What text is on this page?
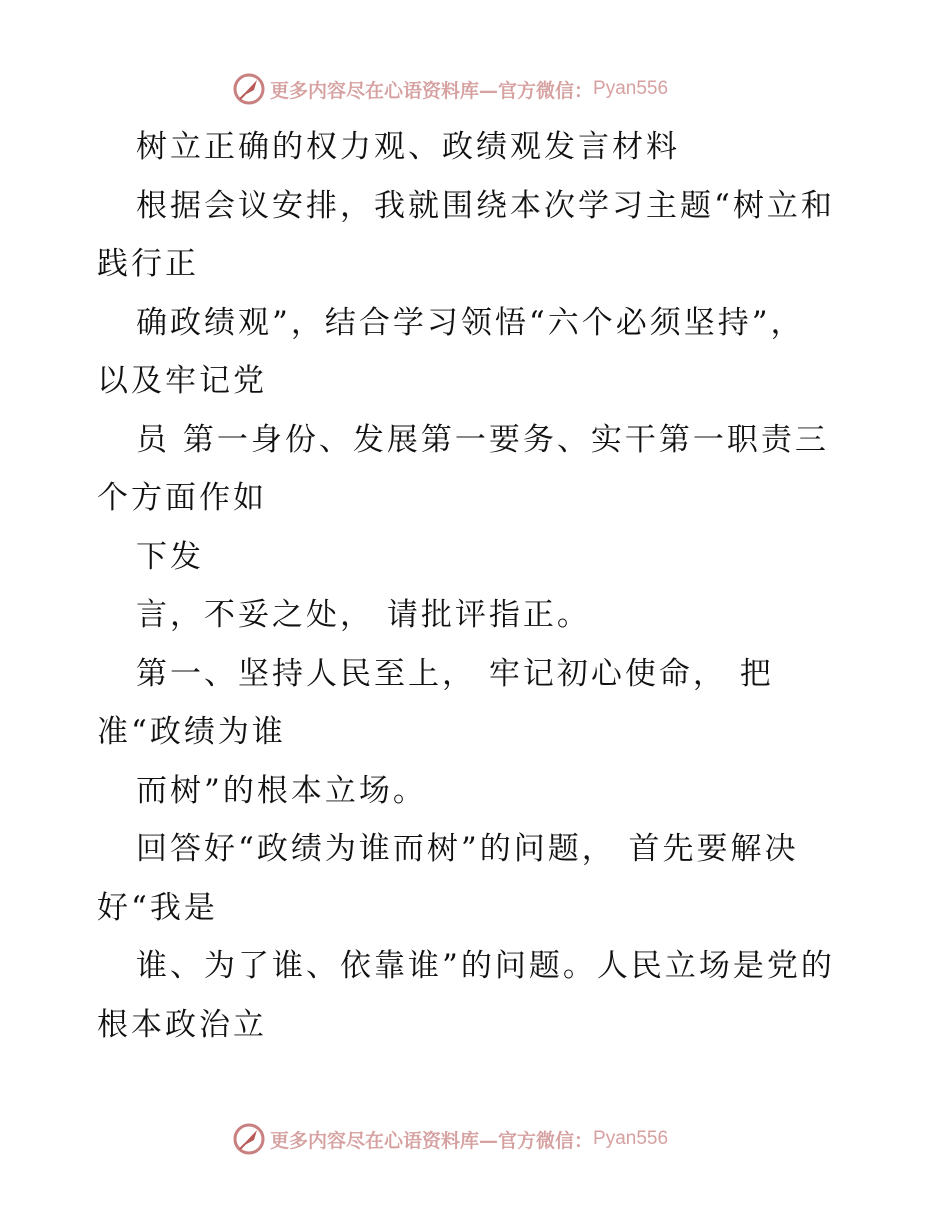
更多内容尽在心语资料库—官方微信： Pyan556
树立正确的权力观、政绩观发言材料
根据会议安排，我就围绕本次学习主题“树立和
践行正
确政绩观”，结合学习领悟“六个必须坚持”，
以及牢记党
员 第一身份、发展第一要务、实干第一职责三
个方面作如
下发
言，不妥之处， 请批评指正。
第一、坚持人民至上， 牢记初心使命， 把
准“政绩为谁
而树”的根本立场。
回答好“政绩为谁而树”的问题， 首先要解决
好“我是
谁、为了谁、依靠谁”的问题。人民立场是党的
根本政治立
更多内容尽在心语资料库—官方微信： Pyan556
